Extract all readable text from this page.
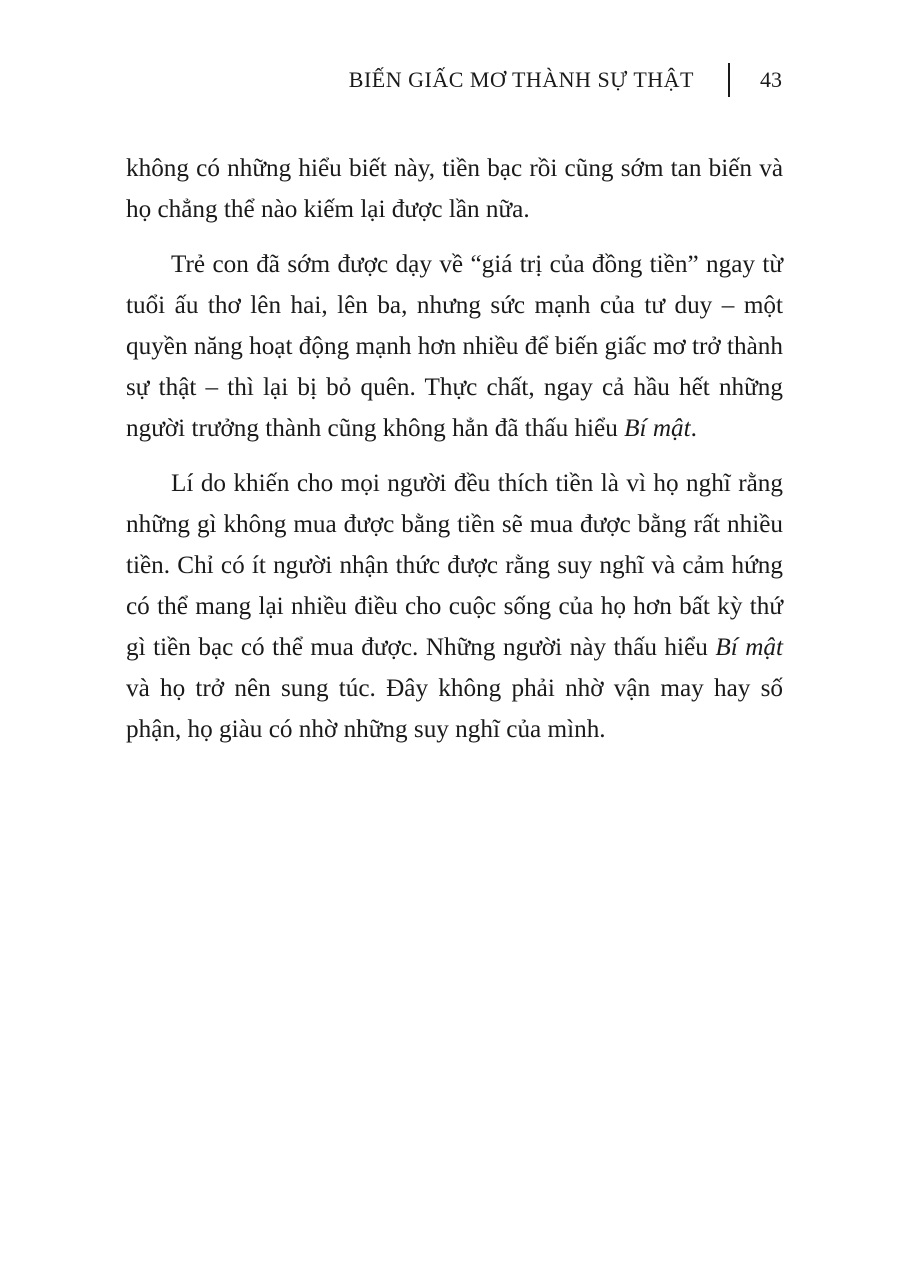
BIẾN GIẤC MƠ THÀNH SỰ THẬT	43

không có những hiểu biết này, tiền bạc rồi cũng sớm tan biến và họ chẳng thể nào kiếm lại được lần nữa.

Trẻ con đã sớm được dạy về “giá trị của đồng tiền” ngay từ tuổi ấu thơ lên hai, lên ba, nhưng sức mạnh của tư duy – một quyền năng hoạt động mạnh hơn nhiều để biến giấc mơ trở thành sự thật – thì lại bị bỏ quên. Thực chất, ngay cả hầu hết những người trưởng thành cũng không hẳn đã thấu hiểu Bí mật.

Lí do khiến cho mọi người đều thích tiền là vì họ nghĩ rằng những gì không mua được bằng tiền sẽ mua được bằng rất nhiều tiền. Chỉ có ít người nhận thức được rằng suy nghĩ và cảm hứng có thể mang lại nhiều điều cho cuộc sống của họ hơn bất kỳ thứ gì tiền bạc có thể mua được. Những người này thấu hiểu Bí mật và họ trở nên sung túc. Đây không phải nhờ vận may hay số phận, họ giàu có nhờ những suy nghĩ của mình.
